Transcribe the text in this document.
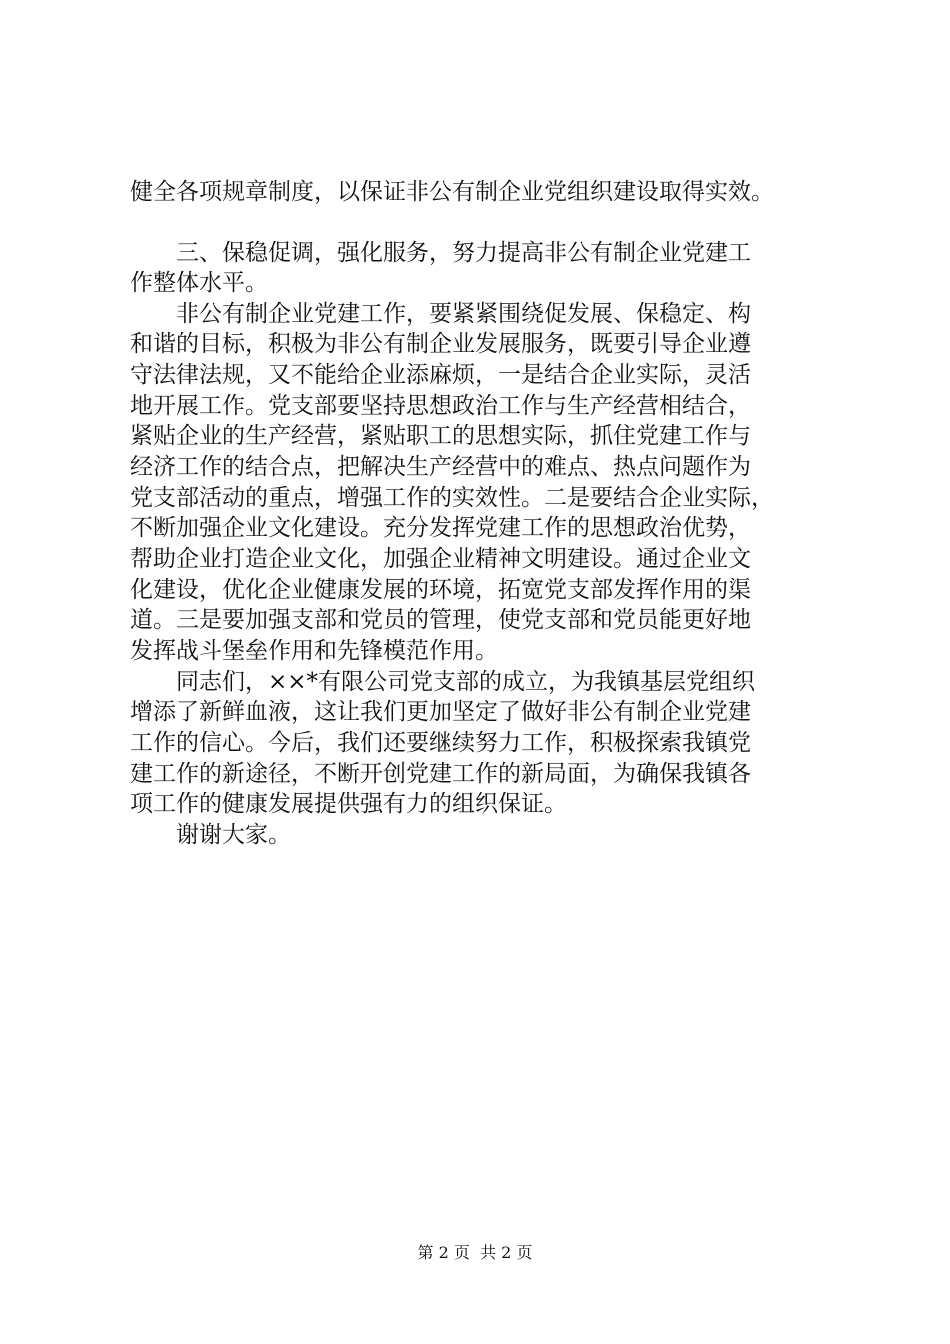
健全各项规章制度，以保证非公有制企业党组织建设取得实效。
　　三、保稳促调，强化服务，努力提高非公有制企业党建工
作整体水平。
　　非公有制企业党建工作，要紧紧围绕促发展、保稳定、构
和谐的目标，积极为非公有制企业发展服务，既要引导企业遵
守法律法规，又不能给企业添麻烦，一是结合企业实际，灵活
地开展工作。党支部要坚持思想政治工作与生产经营相结合，
紧贴企业的生产经营，紧贴职工的思想实际，抓住党建工作与
经济工作的结合点，把解决生产经营中的难点、热点问题作为
党支部活动的重点，增强工作的实效性。二是要结合企业实际，
不断加强企业文化建设。充分发挥党建工作的思想政治优势，
帮助企业打造企业文化，加强企业精神文明建设。通过企业文
化建设，优化企业健康发展的环境，拓宽党支部发挥作用的渠
道。三是要加强支部和党员的管理，使党支部和党员能更好地
发挥战斗堡垒作用和先锋模范作用。
　　同志们，××*有限公司党支部的成立，为我镇基层党组织
增添了新鲜血液，这让我们更加坚定了做好非公有制企业党建
工作的信心。今后，我们还要继续努力工作，积极探索我镇党
建工作的新途径，不断开创党建工作的新局面，为确保我镇各
项工作的健康发展提供强有力的组织保证。
　　谢谢大家。
第 2 页  共 2 页
